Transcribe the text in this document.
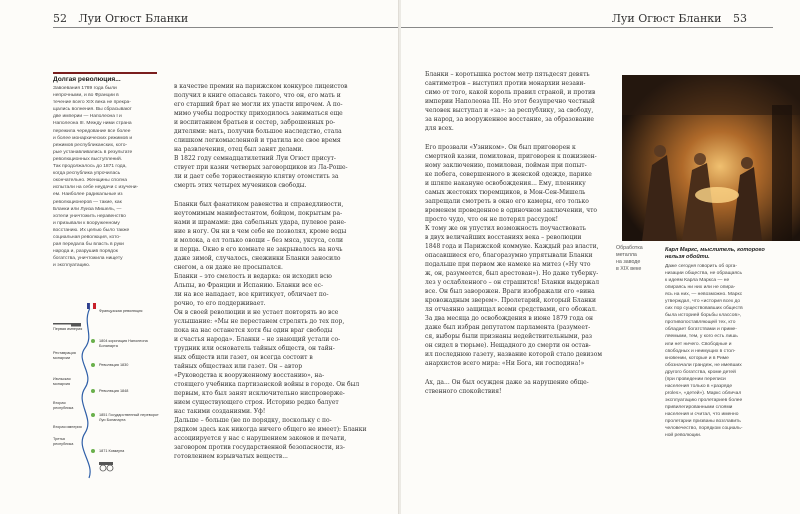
52 Луи Огюст Бланки
Долгая революция...
Завоевания 1789 года были
непрочными, и во Франции в
течение всего XIX века не прекра-
щались волнения. Вы сбрасывают
две империи — Наполеона I и
Наполеона III. Между ними страна
пережила чередование все более
и более монархических режимов и
режимов республиканских, кото-
рые устанавливались в результате
революционных выступлений.
Так продолжалось до 1871 года,
когда республика упрочилась
окончательно. Женщины сполна
испытали на себе неудачи с изучени-
ем. Наиболее радикальные из
революционеров — такие, как
Бланки или Луиза Мишель, —
хотели уничтожить неравенство
и призывали к вооруженному
восстанию. Их целью было также
социальная революция, кото-
рая передала бы власть в руки
народа и, разрушив порядок
богатства, уничтожила нищету
и эксплуатацию.
Французская революция
Первая империя
1804 коронация Наполеона Бонапарта
Реставрация монархии
Революция 1830
Июльская монархия
Революция 1848
Вторая республика
1851 Государственный переворот Луи Бонапарта
Вторая империя
Третья республика
1871 Коммуна
в качестве премии на парижском конкурсе лицеистов
получил в книге опасаясь такого, что он, его мать и
его старший брат не могли их упасти впрочем. А по-
мимо учебы подростку приходилось заниматься еще
и воспитанием братьев и сестер, заброшенных ро-
дителями: мать, получив большое наследство, стала
слишком легкомысленной и тратила все свое время
на развлечения, отец был занят делами.
В 1822 году семнадцатилетний Луи Огюст присут-
ствует при казни четверых заговорщиков из Ла-Роше-
ли и дает себе торжественную клятву отомстить за
смерть этих четырех мучеников свободы.
Бланки был фанатиком равенства и справедливости,
неутомимым манифестантом, бойцом, покрытым ра-
нами и шрамами: два сабельных удара, пулевое ране-
ние в ногу. Он ни в чем себе не позволял, кроме воды
и молока, а ел только овощи – без мяса, уксуса, соли
и перца. Окно в его комнате не закрывалось на ночь
даже зимой, случалось, снежинки Бланки заносило
снегом, а он даже не просыпался.
Бланки – это смелость и ведарка: он исходил всю
Альпы, во Франции и Испанию. Бланки все ес-
ли на все нападает, все критикует, обличает по-
рочно, то его поддерживает.
Он в своей революции и не устает повторять во все
услышание: «Мы не перестанем стрелять до тех пор,
пока на нас останется хотя бы один враг свободы
и счастья народа». Бланки – не знающий устали со-
трудник или основатель тайных обществ, он тайн-
ных обществ или газет, он всегда состоит в
тайных обществах или газет. Он – автор
«Руководства к вооруженному восстанию», на-
стоящего учебника партизанской войны в городе. Он был
первым, кто был занят исключительно ниспроверже-
нием существующего строя. Историю редко балует
нас такими созданиями. Уф!
Дальше – больше (не по порядку, поскольку с по-
рядком здесь как никогда ничего общего не имеет): Бланки
ассоциируется у нас с нарушением законов и печати,
заговором против государственной безопасности, из-
готовлением взрывчатых веществ...
Луи Огюст Бланки 53
Бланки – коротышка ростом метр пятьдесят девять
сантиметров – выступил против монархии незави-
симо от того, какой король правил страной, и против
империи Наполеона III. Но этот безупречно честный
человек выступал и «за»: за республику, за свободу,
за народ, за вооруженное восстание, за образование
для всех.
Его прозвали «Узником». Он был приговорен к
смертной казни, помилован, приговорен к пожизнен-
ному заключению, помилован, пойман при попыт-
ке побега, совершенного в женской одежде, парике
и шляпе накануне освобождения... Ему, пленнику
самых жестоких тюремщиков, в Мон-Сен-Мишель
запрещали смотреть в окно его камеры, его только
временем проведенное в одиночном заключении, что
просто чудо, что он не потерял рассудок!
К тому же он упустил возможность поучаствовать
в двух величайших восстаниях века – революции
1848 года и Парижской коммуне. Каждый раз власти,
опасавшиеся его, благоразумно упрятывали Бланки
подальше при первом же намеке на митез («Ну что
ж, он, разумеется, был арестован»). Но даже туберку-
лез у ослабленного – он страшится! Бланки выдержал
все. Он был заворожен. Враги изображали его «вина
кровожадным зверем». Пролетарий, который Бланки
ля отчаянно защищал всеми средствами, его обожал.
За два месяца до освобождения в июне 1879 года он
даже был избран депутатом парламента (разумеет-
ся, выборы были признаны недействительными, раз
он сидел в тюрьме). Нещадного до смерти он остав-
ил последнюю газету, название которой стало девизом
анархистов всего мира: «Ни Бога, ни господина!»
Ах, да... Он был осужден даже за нарушение обще-
ственного спокойствия!
Обработка
металла
на заводе
в XIX веке
Карл Маркс, мыслитель, которого нельзя обойти.
Даже сегодня говорить об орга-
низации общества, не обращаясь
к идеям Карла Маркса — не
опираясь ни них или не опира-
ясь на них, — невозможно. Маркс
утверждал, что «история всех до
сих пор существовавших обществ
была историей борьбы классов»,
противопоставляющей тех, кто
обладает богатствами и приме-
ляемыми, тем, у кого есть лишь
или нет ничего. Свободные и
свободных и неимущих в стол-
кновении, которые и в Риме
обозначали грандеж, не имевших
другого богатства, кроме детей
(при проведении переписи
населения только в «разряде
proles», «детей»). Маркс обличал
эксплуатацию пролетариев более
привилегированными слоями
населения и считал, что именно
пролетарии призваны возглавить
человечество, порядком социаль-
ной революции.
